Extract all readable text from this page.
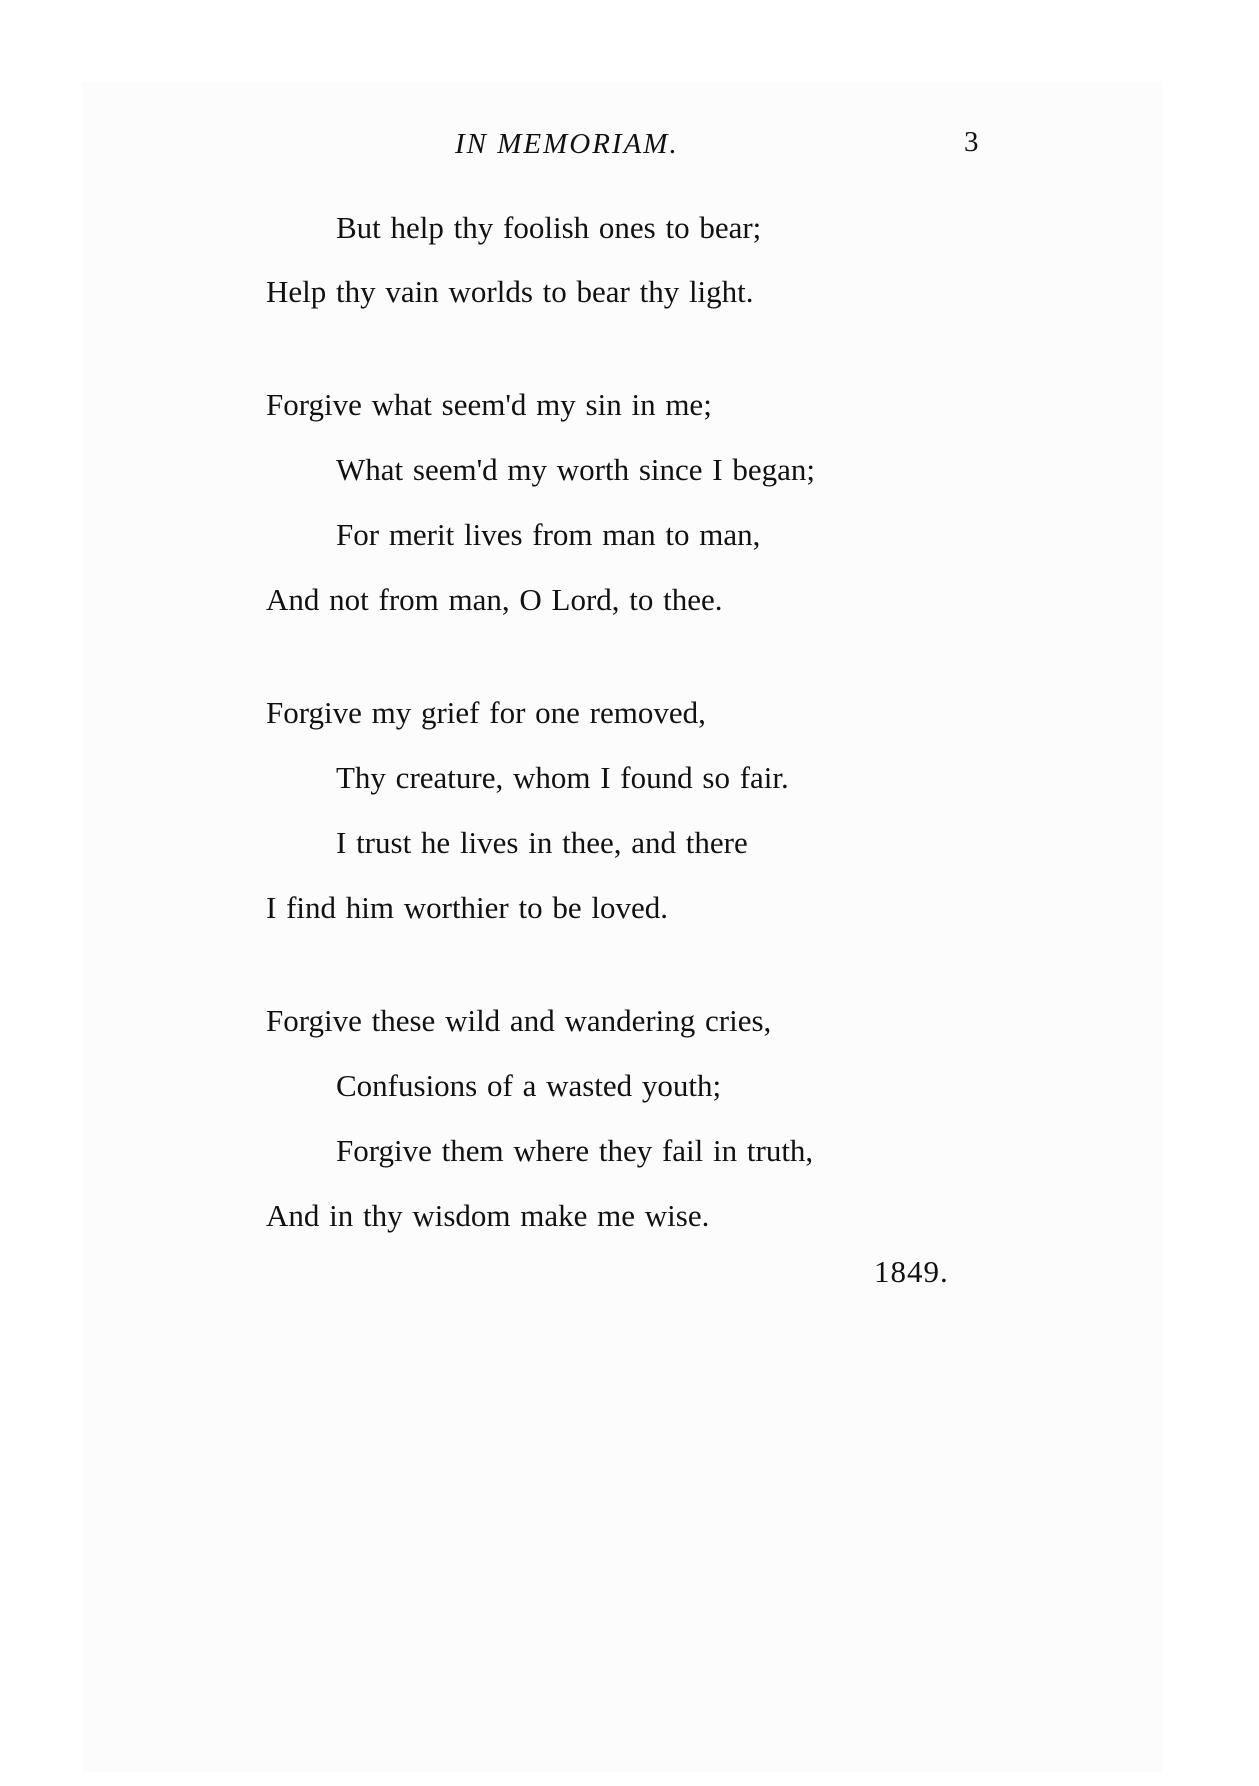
IN MEMORIAM.	3
But help thy foolish ones to bear;
Help thy vain worlds to bear thy light.
Forgive what seem'd my sin in me;
What seem'd my worth since I began;
For merit lives from man to man,
And not from man, O Lord, to thee.
Forgive my grief for one removed,
Thy creature, whom I found so fair.
I trust he lives in thee, and there
I find him worthier to be loved.
Forgive these wild and wandering cries,
Confusions of a wasted youth;
Forgive them where they fail in truth,
And in thy wisdom make me wise.
1849.
